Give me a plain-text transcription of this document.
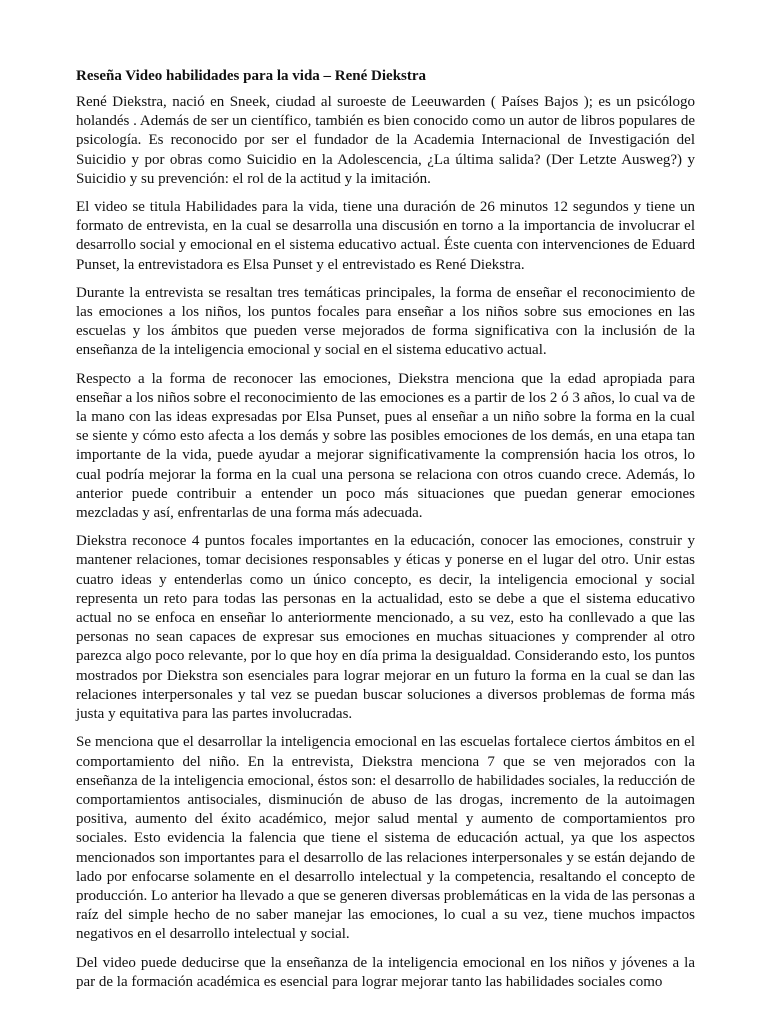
Reseña Video habilidades para la vida – René Diekstra

René Diekstra, nació en Sneek, ciudad al suroeste de Leeuwarden ( Países Bajos ); es un psicólogo holandés . Además de ser un científico, también es bien conocido como un autor de libros populares de psicología. Es reconocido por ser el fundador de la Academia Internacional de Investigación del Suicidio y por obras como Suicidio en la Adolescencia, ¿La última salida? (Der Letzte Ausweg?) y Suicidio y su prevención: el rol de la actitud y la imitación.

El video se titula Habilidades para la vida, tiene una duración de 26 minutos 12 segundos y tiene un formato de entrevista, en la cual se desarrolla una discusión en torno a la importancia de involucrar el desarrollo social y emocional en el sistema educativo actual. Éste cuenta con intervenciones de Eduard Punset, la entrevistadora es Elsa Punset y el entrevistado es René Diekstra.

Durante la entrevista se resaltan tres temáticas principales, la forma de enseñar el reconocimiento de las emociones a los niños, los puntos focales para enseñar a los niños sobre sus emociones en las escuelas y los ámbitos que pueden verse mejorados de forma significativa con la inclusión de la enseñanza de la inteligencia emocional y social en el sistema educativo actual.

Respecto a la forma de reconocer las emociones, Diekstra menciona que la edad apropiada para enseñar a los niños sobre el reconocimiento de las emociones es a partir de los 2 ó 3 años, lo cual va de la mano con las ideas expresadas por Elsa Punset, pues al enseñar a un niño sobre la forma en la cual se siente y cómo esto afecta a los demás y sobre las posibles emociones de los demás, en una etapa tan importante de la vida, puede ayudar a mejorar significativamente la comprensión hacia los otros, lo cual podría mejorar la forma en la cual una persona se relaciona con otros cuando crece. Además, lo anterior puede contribuir a entender un poco más situaciones que puedan generar emociones mezcladas y así, enfrentarlas de una forma más adecuada.

Diekstra reconoce 4 puntos focales importantes en la educación, conocer las emociones, construir y mantener relaciones, tomar decisiones responsables y éticas y ponerse en el lugar del otro. Unir estas cuatro ideas y entenderlas como un único concepto, es decir, la inteligencia emocional y social representa un reto para todas las personas en la actualidad, esto se debe a que el sistema educativo actual no se enfoca en enseñar lo anteriormente mencionado, a su vez, esto ha conllevado a que las personas no sean capaces de expresar sus emociones en muchas situaciones y comprender al otro parezca algo poco relevante, por lo que hoy en día prima la desigualdad. Considerando esto, los puntos mostrados por Diekstra son esenciales para lograr mejorar en un futuro la forma en la cual se dan las relaciones interpersonales y tal vez se puedan buscar soluciones a diversos problemas de forma más justa y equitativa para las partes involucradas.

Se menciona que el desarrollar la inteligencia emocional en las escuelas fortalece ciertos ámbitos en el comportamiento del niño. En la entrevista, Diekstra menciona 7 que se ven mejorados con la enseñanza de la inteligencia emocional, éstos son: el desarrollo de habilidades sociales, la reducción de comportamientos antisociales, disminución de abuso de las drogas, incremento de la autoimagen positiva, aumento del éxito académico, mejor salud mental y aumento de comportamientos pro sociales. Esto evidencia la falencia que tiene el sistema de educación actual, ya que los aspectos mencionados son importantes para el desarrollo de las relaciones interpersonales y se están dejando de lado por enfocarse solamente en el desarrollo intelectual y la competencia, resaltando el concepto de producción. Lo anterior ha llevado a que se generen diversas problemáticas en la vida de las personas a raíz del simple hecho de no saber manejar las emociones, lo cual a su vez, tiene muchos impactos negativos en el desarrollo intelectual y social.

Del video puede deducirse que la enseñanza de la inteligencia emocional en los niños y jóvenes a la par de la formación académica es esencial para lograr mejorar tanto las habilidades sociales como
